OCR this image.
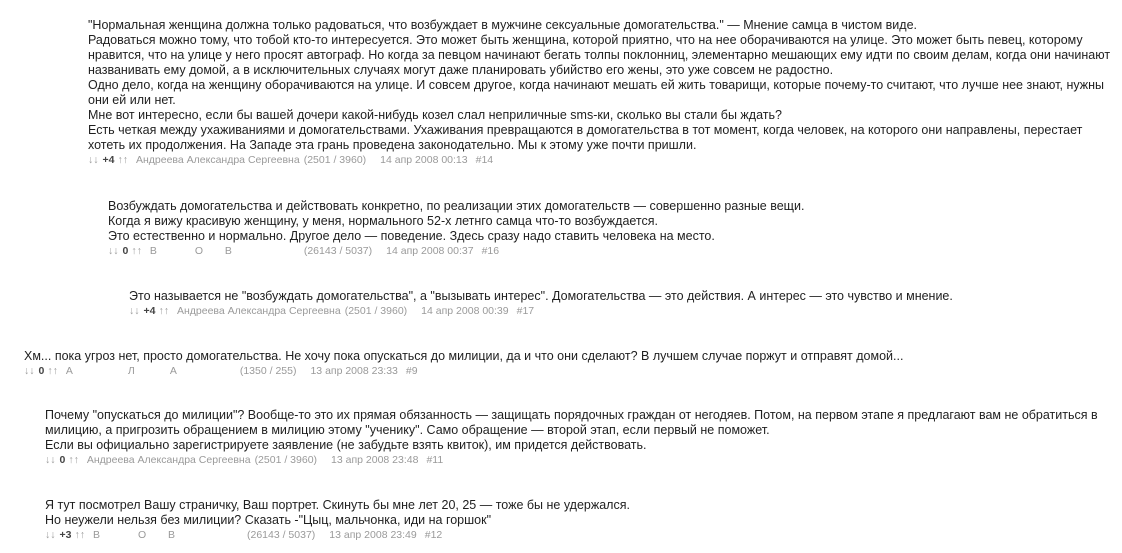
"Нормальная женщина должна только радоваться, что возбуждает в мужчине сексуальные домогательства." — Мнение самца в чистом виде.

Радоваться можно тому, что тобой кто-то интересуется. Это может быть женщина, которой приятно, что на нее оборачиваются на улице. Это может быть певец, которому нравится, что на улице у него просят автограф. Но когда за певцом начинают бегать толпы поклонниц, элементарно мешающих ему идти по своим делам, когда они начинают названивать ему домой, а в исключительных случаях могут даже планировать убийство его жены, это уже совсем не радостно.

Одно дело, когда на женщину оборачиваются на улице. И совсем другое, когда начинают мешать ей жить товарищи, которые почему-то считают, что лучше нее знают, нужны они ей или нет.

Мне вот интересно, если бы вашей дочери какой-нибудь козел слал неприличные sms-ки, сколько вы стали бы ждать?

Есть четкая между ухаживаниями и домогательствами. Ухаживания превращаются в домогательства в тот момент, когда человек, на которого они направлены, перестает хотеть их продолжения. На Западе эта грань проведена законодательно. Мы к этому уже почти пришли.

↓↓ +4 ↑↑ Андреева Александра Сергеевна (2501 / 3960) 14 апр 2008 00:13 #14

Возбуждать домогательства и действовать конкретно, по реализации этих домогательств — совершенно разные вещи.

Когда я вижу красивую женщину, у меня, нормального 52-х летнго самца что-то возбуждается.

Это естественно и нормально. Другое дело — поведение. Здесь сразу надо ставить человека на место.

↓↓ 0 ↑↑ В	О В	(26143 / 5037) 14 апр 2008 00:37 #16

Это называется не "возбуждать домогательства", а "вызывать интерес". Домогательства — это действия. А интерес — это чувство и мнение.

↓↓ +4 ↑↑ Андреева Александра Сергеевна (2501 / 3960) 14 апр 2008 00:39 #17

Хм... пока угроз нет, просто домогательства. Не хочу пока опускаться до милиции, да и что они сделают? В лучшем случае поржут и отправят домой...

↓↓ 0 ↑↑ А	Л	А	(1350 / 255) 13 апр 2008 23:33 #9

Почему "опускаться до милиции"? Вообще-то это их прямая обязанность — защищать порядочных граждан от негодяев. Потом, на первом этапе я предлагают вам не обратиться в милицию, а пригрозить обращением в милицию этому "ученику". Само обращение — второй этап, если первый не поможет.

Если вы официально зарегистрируете заявление (не забудьте взять квиток), им придется действовать.

↓↓ 0 ↑↑ Андреева Александра Сергеевна (2501 / 3960) 13 апр 2008 23:48 #11

Я тут посмотрел Вашу страничку, Ваш портрет. Скинуть бы мне лет 20, 25 — тоже бы не удержался.

Но неужели нельзя без милиции? Сказать -"Цыц, мальчонка, иди на горшок"

↓↓ +3 ↑↑ В	О В	(26143 / 5037) 13 апр 2008 23:49 #12
